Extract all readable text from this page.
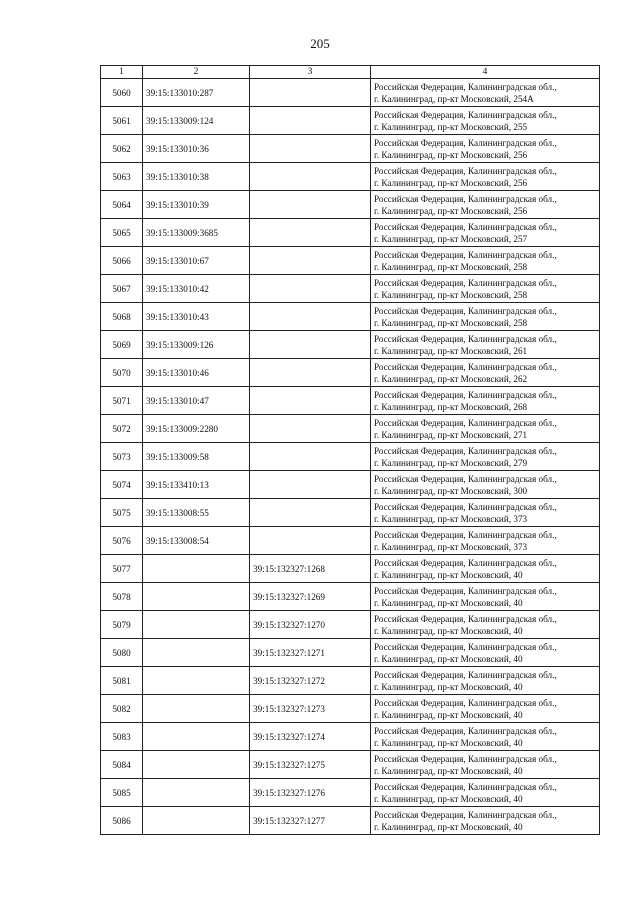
205
1	2	3	4
5060	39:15:133010:287		Российская Федерация, Калининградская обл.,
г. Калининград, пр-кт Московский, 254А

5061	39:15:133009:124		Российская Федерация, Калининградская обл.,
г. Калининград, пр-кт Московский, 255

5062	39:15:133010:36		Российская Федерация, Калининградская обл.,
г. Калининград, пр-кт Московский, 256

5063	39:15:133010:38		Российская Федерация, Калининградская обл.,
г. Калининград, пр-кт Московский, 256

5064	39:15:133010:39		Российская Федерация, Калининградская обл.,
г. Калининград, пр-кт Московский, 256

5065	39:15:133009:3685		Российская Федерация, Калининградская обл.,
г. Калининград, пр-кт Московский, 257

5066	39:15:133010:67		Российская Федерация, Калининградская обл.,
г. Калининград, пр-кт Московский, 258

5067	39:15:133010:42		Российская Федерация, Калининградская обл.,
г. Калининград, пр-кт Московский, 258

5068	39:15:133010:43		Российская Федерация, Калининградская обл.,
г. Калининград, пр-кт Московский, 258

5069	39:15:133009:126		Российская Федерация, Калининградская обл.,
г. Калининград, пр-кт Московский, 261

5070	39:15:133010:46		Российская Федерация, Калининградская обл.,
г. Калининград, пр-кт Московский, 262

5071	39:15:133010:47		Российская Федерация, Калининградская обл.,
г. Калининград, пр-кт Московский, 268

5072	39:15:133009:2280		Российская Федерация, Калининградская обл.,
г. Калининград, пр-кт Московский, 271

5073	39:15:133009:58		Российская Федерация, Калининградская обл.,
г. Калининград, пр-кт Московский, 279

5074	39:15:133410:13		Российская Федерация, Калининградская обл.,
г. Калининград, пр-кт Московский, 300

5075	39:15:133008:55		Российская Федерация, Калининградская обл.,
г. Калининград, пр-кт Московский, 373

5076	39:15:133008:54		Российская Федерация, Калининградская обл.,
г. Калининград, пр-кт Московский, 373

5077		39:15:132327:1268	Российская Федерация, Калининградская обл.,
г. Калининград, пр-кт Московский, 40

5078		39:15:132327:1269	Российская Федерация, Калининградская обл.,
г. Калининград, пр-кт Московский, 40

5079		39:15:132327:1270	Российская Федерация, Калининградская обл.,
г. Калининград, пр-кт Московский, 40

5080		39:15:132327:1271	Российская Федерация, Калининградская обл.,
г. Калининград, пр-кт Московский, 40

5081		39:15:132327:1272	Российская Федерация, Калининградская обл.,
г. Калининград, пр-кт Московский, 40

5082		39:15:132327:1273	Российская Федерация, Калининградская обл.,
г. Калининград, пр-кт Московский, 40

5083		39:15:132327:1274	Российская Федерация, Калининградская обл.,
г. Калининград, пр-кт Московский, 40

5084		39:15:132327:1275	Российская Федерация, Калининградская обл.,
г. Калининград, пр-кт Московский, 40

5085		39:15:132327:1276	Российская Федерация, Калининградская обл.,
г. Калининград, пр-кт Московский, 40

5086		39:15:132327:1277	Российская Федерация, Калининградская обл.,
г. Калининград, пр-кт Московский, 40
